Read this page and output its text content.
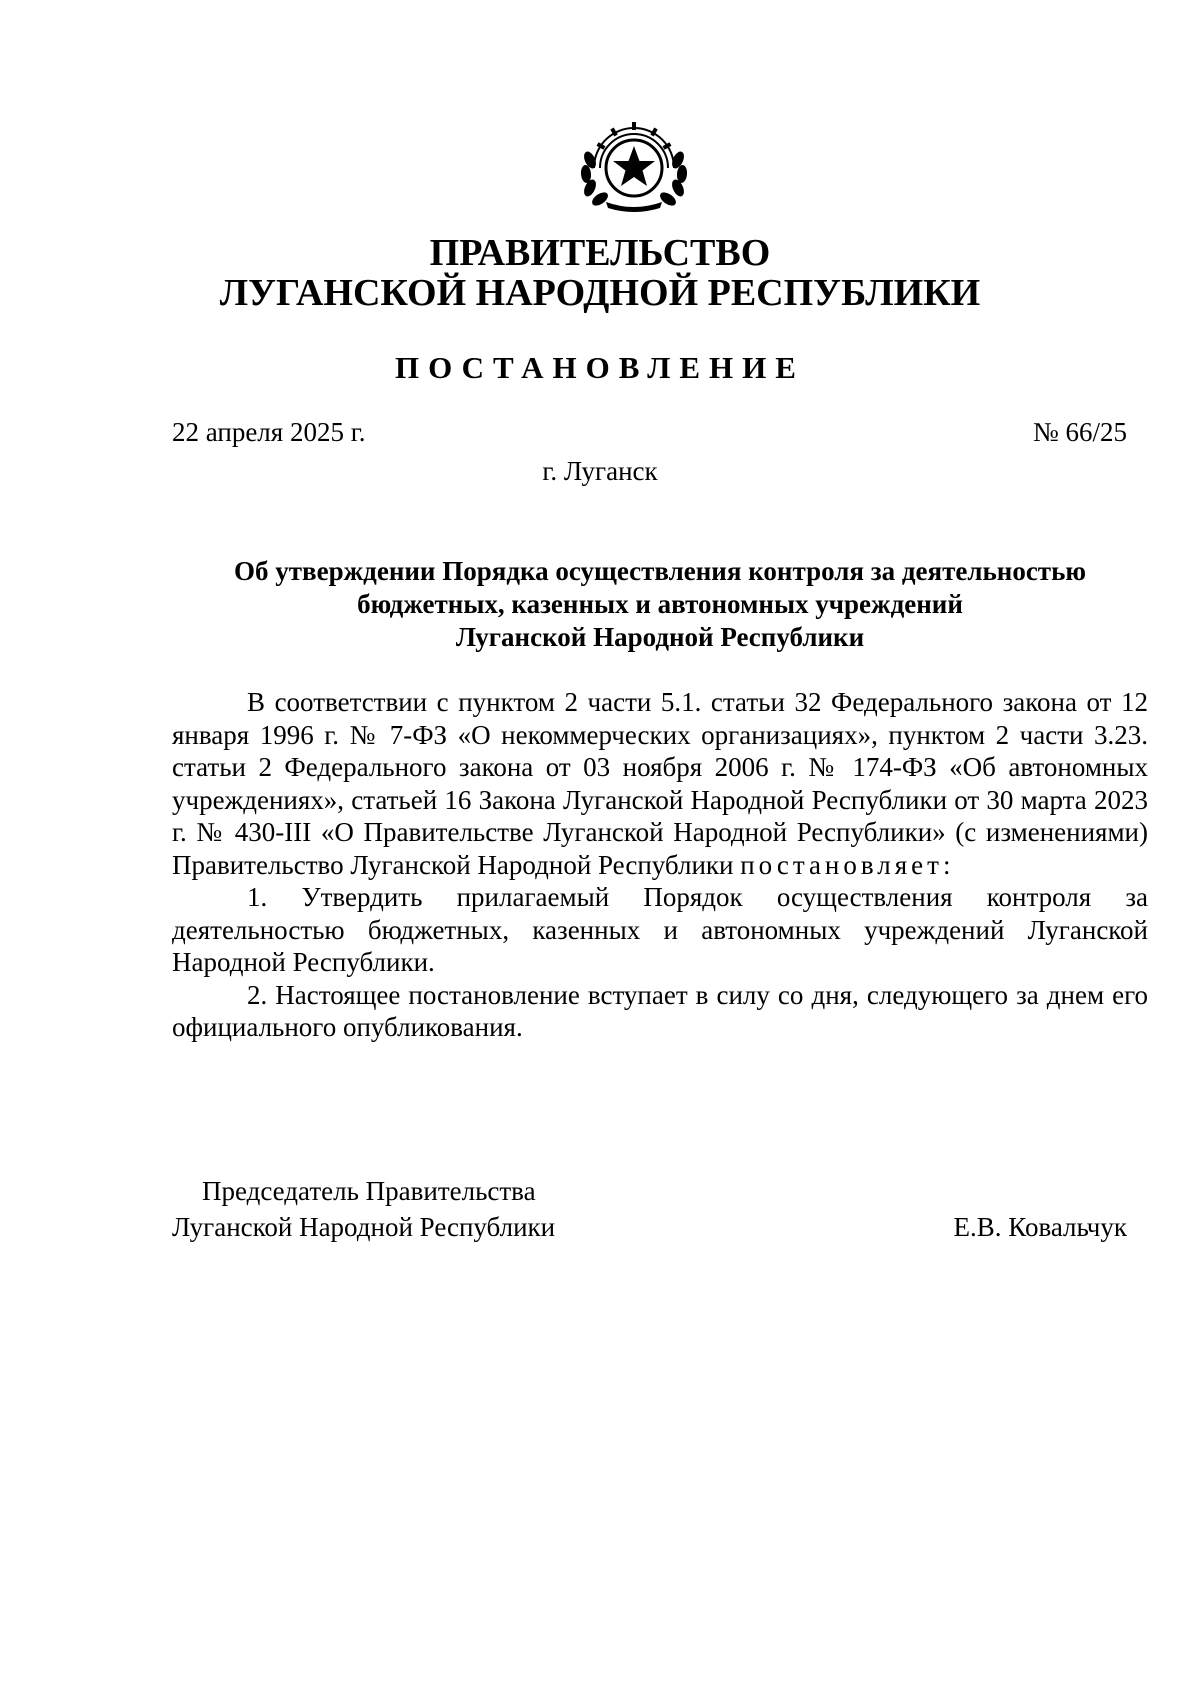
ПРАВИТЕЛЬСТВО
ЛУГАНСКОЙ НАРОДНОЙ РЕСПУБЛИКИ
ПОСТАНОВЛЕНИЕ
22 апреля 2025 г.	№ 66/25
г. Луганск
Об утверждении Порядка осуществления контроля за деятельностью
бюджетных, казенных и автономных учреждений
Луганской Народной Республики

В соответствии с пунктом 2 части 5.1. статьи 32 Федерального закона от 12 января 1996 г. № 7-ФЗ «О некоммерческих организациях», пунктом 2 части 3.23. статьи 2 Федерального закона от 03 ноября 2006 г. № 174-ФЗ «Об автономных учреждениях», статьей 16 Закона Луганской Народной Республики от 30 марта 2023 г. № 430-III «О Правительстве Луганской Народной Республики» (с изменениями) Правительство Луганской Народной Республики постановляет:

1. Утвердить прилагаемый Порядок осуществления контроля за деятельностью бюджетных, казенных и автономных учреждений Луганской Народной Республики.

2. Настоящее постановление вступает в силу со дня, следующего за днем его официального опубликования.

Председатель Правительства
Луганской Народной Республики	Е.В. Ковальчук
